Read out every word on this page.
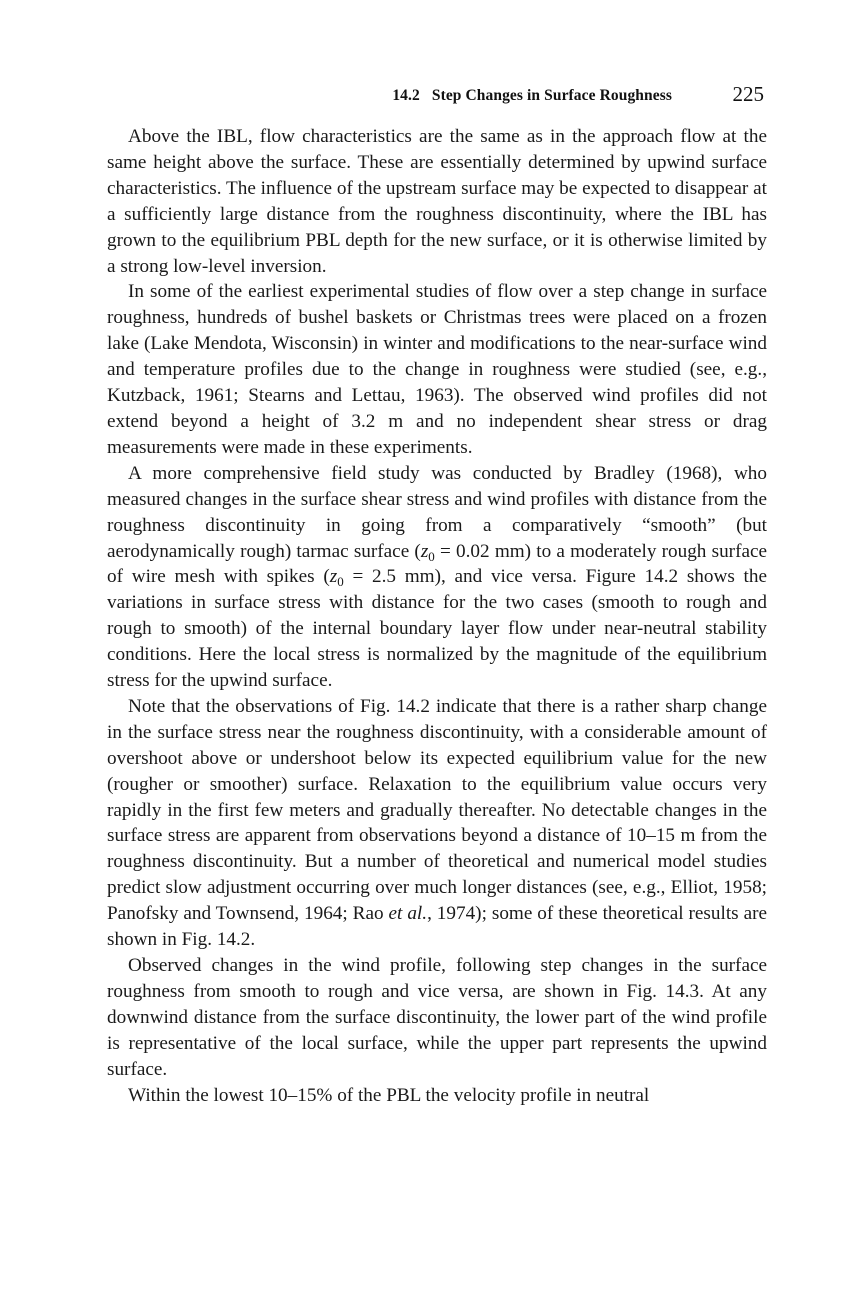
14.2 Step Changes in Surface Roughness	225

Above the IBL, flow characteristics are the same as in the approach flow at the same height above the surface. These are essentially determined by upwind surface characteristics. The influence of the upstream surface may be expected to disappear at a sufficiently large distance from the roughness discontinuity, where the IBL has grown to the equilibrium PBL depth for the new surface, or it is otherwise limited by a strong low-level inversion.

In some of the earliest experimental studies of flow over a step change in surface roughness, hundreds of bushel baskets or Christmas trees were placed on a frozen lake (Lake Mendota, Wisconsin) in winter and modifications to the near-surface wind and temperature profiles due to the change in roughness were studied (see, e.g., Kutzback, 1961; Stearns and Lettau, 1963). The observed wind profiles did not extend beyond a height of 3.2 m and no independent shear stress or drag measurements were made in these experiments.

A more comprehensive field study was conducted by Bradley (1968), who measured changes in the surface shear stress and wind profiles with distance from the roughness discontinuity in going from a comparatively “smooth” (but aerodynamically rough) tarmac surface ($z_0 = 0.02$ mm) to a moderately rough surface of wire mesh with spikes ($z_0 = 2.5$ mm), and vice versa. Figure 14.2 shows the variations in surface stress with distance for the two cases (smooth to rough and rough to smooth) of the internal boundary layer flow under near-neutral stability conditions. Here the local stress is normalized by the magnitude of the equilibrium stress for the upwind surface.

Note that the observations of Fig. 14.2 indicate that there is a rather sharp change in the surface stress near the roughness discontinuity, with a considerable amount of overshoot above or undershoot below its expected equilibrium value for the new (rougher or smoother) surface. Relaxation to the equilibrium value occurs very rapidly in the first few meters and gradually thereafter. No detectable changes in the surface stress are apparent from observations beyond a distance of 10–15 m from the roughness discontinuity. But a number of theoretical and numerical model studies predict slow adjustment occurring over much longer distances (see, e.g., Elliot, 1958; Panofsky and Townsend, 1964; Rao et al., 1974); some of these theoretical results are shown in Fig. 14.2.

Observed changes in the wind profile, following step changes in the surface roughness from smooth to rough and vice versa, are shown in Fig. 14.3. At any downwind distance from the surface discontinuity, the lower part of the wind profile is representative of the local surface, while the upper part represents the upwind surface.

Within the lowest 10–15% of the PBL the velocity profile in neutral
